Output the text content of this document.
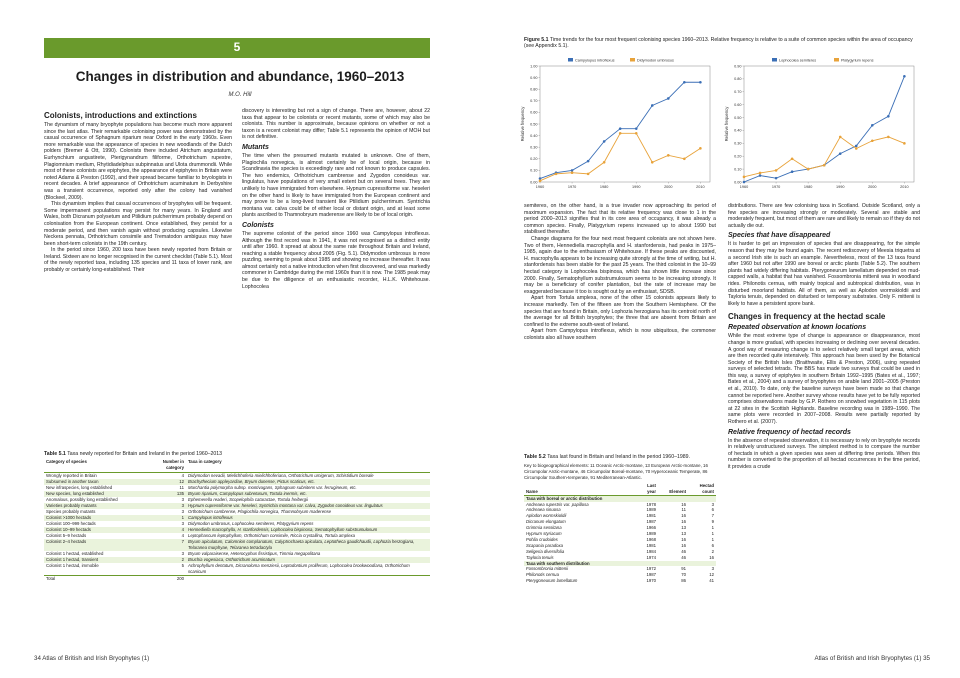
5
Changes in distribution and abundance, 1960–2013
M.O. Hill
Colonists, introductions and extinctions
The dynamism of many bryophyte populations has become much more apparent since the last atlas. Their remarkable colonising power was demonstrated by the casual occurrence of Sphagnum riparium near Oxford in the early 1960s. Even more remarkable was the appearance of species in new woodlands of the Dutch polders (Bremer & Ott, 1990). Colonists there included Atrichum angustatum, Eurhynchium angustirete, Pterigynandrum filiforme, Orthotrichum rupestre, Plagiomnium medium, Rhytidiadelphus subpinnatus and Ulota drummondii. While most of these colonists are epiphytes, the appearance of epiphytes in Britain were noted Adams & Preston (1992), and their spread became familiar to bryologists in recent decades. A brief appearance of Orthotrichum acuminatum in Derbyshire was a transient occurrence, reported only after the colony had vanished (Blockeel, 2009).
This dynamism implies that casual occurrences of bryophytes will be frequent. Some impermanent populations may persist for many years. In England and Wales, both Dicranum polysetum and Ptilidium pulcherrimum probably depend on colonisation from the European continent. Once established, they persist for a moderate period, and then vanish again without producing capsules. Likewise Neckera pennata, Orthotrichum consimile and Trematodon ambiguus may have been short-term colonists in the 19th century.
In the period since 1960, 200 taxa have been newly reported from Britain or Ireland. Sixteen are no longer recognised in the current checklist (Table 5.1). Most of the newly reported taxa, including 135 species and 11 taxa of lower rank, are probably or certainly long-established. Their
discovery is interesting but not a sign of change. There are, however, about 22 taxa that appear to be colonists or recent mutants, some of which may also be colonists. This number is approximate, because opinions on whether or not a taxon is a recent colonist may differ; Table 5.1 represents the opinion of MOH but is not definitive.
Mutants
The time when the presumed mutants mutated is unknown. One of them, Plagiochila norvegica, is almost certainly be of local origin, because in Scandinavia the species is exceedingly rare and not known to produce capsules. The two endemics, Orthotrichum cambrense and Zygodon conoideus var. lingulatus, have populations of very small extent but on several trees. They are unlikely to have immigrated from elsewhere. Hypnum cupressiforme var. heseleri on the other hand is likely to have immigrated from the European continent and may prove to be a long-lived transient like Ptilidium pulcherrimum. Syntrichia montana var. calva could be of either local or distant origin, and at least some plants ascribed to Thamnobryum maderense are likely to be of local origin.
Colonists
The supreme colonist of the period since 1960 was Campylopus introflexus. Although the first record was in 1941, it was not recognised as a distinct entity until after 1960. It spread at about the same rate throughout Britain and Ireland, reaching a stable frequency about 2005 (Fig. 5.1). Didymodon umbrosus is more puzzling, seeming to peak about 1985 and showing no increase thereafter. It was almost certainly not a native introduction when first discovered, and was markedly commoner in Cambridge during the mid 1960s than it is now. The 1985 peak may be due to the diligence of an enthusiastic recorder, H.L.K. Whitehouse. Lophocolea
Table 5.1 Taxa newly reported for Britain and Ireland in the period 1960–2013
Category of species	Number in category	Taxa in category
Wrongly reported in Britain	4	Didymodon nevadii, Mielichhoferia mielichhoferiana, Orthotrichum urnigerum, Schistidium boreale
Subsumed in another taxon	12	Brachythecium appleyardiae, Bryum dunense, Pictus scaticus, etc.
New infraspecies, long established	11	Marchantia polymorpha subsp. montivagans, Sphagnum subnitens var. ferrugineum, etc.
New species, long established	135	Bryum riparium, Campylopus subretusum, Tortula inermis, etc.
Anomalous, possibly long established	3	Ephemerella readeri, Scopelophila cataractae, Tortula freibergii
Varieties probably mutants	3	Hypnum cupressiforme var. heseleri, Syntrichia montana var. calva, Zygodon conoideus var. lingulatus
Species probably mutants	3	Orthotrichum cambrense, Plagiochila norvegica, Thamnobryum maderense
Colonist >1000 hectads	1	Campylopus introflexus
Colonist 100–999 hectads	3	Didymodon umbrosus, Lophocolea semiteres, Platygyrium repens
Colonist 10–99 hectads	4	Hennediella macrophylla, H. stanfordensis, Lophocolea bispinosa, Sematophyllum substrumulosum
Colonist 5–9 hectads	4	Leptophascum leptophyllum, Orthotrichum consimile, Riccia crystallina, Tortula amplexa
Colonist 2–4 hectads	7	Bryum apiculatum, Calomnion complanatum, Calyptrochaeta apiculata, Leptotheca gaudichaudii, Lophozia herzogiana, Telaranea murphyae, Telaranea tetradactyla
Colonist 1 hectad, established	3	Bryum valparaisense, Heterocyphus fissistipus, Timmia megapolitana
Colonist 1 hectad, transient	2	Bruchia vogesiaca, Orthotrichum acuminatum
Colonist 1 hectad, immobile	5	Achrophyllum dentatum, Dicranoloma menziesii, Leptodontium proliferum, Lophocolea brookwoodiana, Orthotrichum scanicum
Total	200	
34 Atlas of British and Irish Bryophytes (1)
Figure 5.1 Time trends for the four most frequent colonising species 1960–2013. Relative frequency is relative to a suite of common species within the area of occupancy (see Appendix 5.1).
0.00
0.10
0.20
0.30
0.40
0.50
0.60
0.70
0.80
0.90
1.00
1960	1970	1980	1990	2000	2010
Relative frequency
Campylopus introflexus	Didymodon umbrosus
0.00
0.10
0.20
0.30
0.40
0.50
0.60
0.70
0.80
0.90
1960	1970	1980	1990	2000	2010
Relative frequency
Lophocolea semiteres	Platygyrium repens
semiteres, on the other hand, is a true invader now approaching its period of maximum expansion. The fact that its relative frequency was close to 1 in the period 2000–2013 signifies that in its core area of occupancy, it was already a common species. Finally, Platygyrium repens increased up to about 1990 but stabilised thereafter.
Change diagrams for the four next most frequent colonists are not shown here. Two of them, Hennediella macrophylla and H. stanfordensis, had peaks in 1975–1985, again due to the enthusiasm of Whitehouse. If these peaks are discounted, H. macrophylla appears to be increasing quite strongly at the time of writing, but H. stanfordensis has been stable for the past 25 years. The third colonist in the 10–99 hectad category is Lophocolea bispinosa, which has shown little increase since 2000. Finally, Sematophyllum substrumulosum seems to be increasing strongly. It may be a beneficiary of conifer plantation, but the rate of increase may be exaggerated because it too is sought out by an enthusiast, SDSB.
Apart from Tortula amplexa, none of the other 15 colonists appears likely to increase markedly. Ten of the fifteen are from the Southern Hemisphere. Of the species that are found in Britain, only Lophozia herzogiana has its centroid north of the average for all British bryophytes; the three that are absent from Britain are confined to the extreme south-west of Ireland.
Apart from Campylopus introflexus, which is now ubiquitous, the commoner colonists also all have southern
Table 5.2 Taxa last found in Britain and Ireland in the period 1960–1989.
Key to biogeographical elements: 11 Oceanic Arctic-montane, 13 European Arctic-montane, 16 Circumpolar Arctic-montane, 46 Circumpolar Boreal-montane, 70 Hyperoceanic Temperate, 86 Circumpolar Southern-temperate, 91 Mediterranean-Atlantic.
Name	Last year	Element	Hectad count
Taxa with boreal or arctic distribution			
Andreaea rupestris var. papillosa	1978	16	3
Andreaea sinuosa	1989	11	6
Aplodon wormskioldii	1981	16	7
Dicranum elongatum	1987	16	9
Grimmia sessitana	1966	13	1
Hypnum styriacum	1989	13	1
Pohlia crudoides	1968	16	1
Scapania paradoxa	1981	16	6
Seligeria diversifolia	1984	46	2
Tayloria tenuis	1974	46	16
Taxa with southern distribution			
Fossombronia mittenii	1972	91	3
Philonotis cernua	1987	70	12
Pterygoneurum lamellatum	1970	86	41
distributions. There are few colonising taxa in Scotland. Outside Scotland, only a few species are increasing strongly or moderately. Several are stable and moderately frequent, but most of them are rare and likely to remain so if they do not actually die out.
Species that have disappeared
It is harder to get an impression of species that are disappearing, for the simple reason that they may be found again. The recent rediscovery of Meesia triquetra at a second Irish site is such an example. Nevertheless, most of the 13 taxa found after 1960 but not after 1990 are boreal or arctic plants (Table 5.2). The southern plants had widely differing habitats. Pterygoneurum lamellatum depended on mud-capped walls, a habitat that has vanished. Fossombronia mittenii was in woodland rides. Philonotis cernua, with mainly tropical and subtropical distribution, was in disturbed moorland habitats. All of them, as well as Aplodon wormskioldii and Tayloria tenuis, depended on disturbed or temporary substrates. Only F. mittenii is likely to have a persistent spore bank.
Changes in frequency at the hectad scale
Repeated observation at known locations
While the most extreme type of change is appearance or disappearance, most change is more gradual, with species increasing or declining over several decades. A good way of measuring change is to select relatively small target areas, which are then recorded quite intensively. This approach has been used by the Botanical Society of the British Isles (Braithwaite, Ellis & Preston, 2006), using repeated surveys of selected tetrads. The BBS has made two surveys that could be used in this way, a survey of epiphytes in southern Britain 1992–1995 (Bates et al., 1997; Bates et al., 2004) and a survey of bryophytes on arable land 2001–2005 (Preston et al., 2010). To date, only the baseline surveys have been made so that change cannot be reported here. Another survey whose results have yet to be fully reported comprises observations made by G.P. Rothero on snowbed vegetation in 115 plots at 22 sites in the Scottish Highlands. Baseline recording was in 1989–1990. The same plots were recorded in 2007–2008. Results were partially reported by Rothero et al. (2007).
Relative frequency of hectad records
In the absence of repeated observation, it is necessary to rely on bryophyte records in relatively unstructured surveys. The simplest method is to compare the number of hectads in which a given species was seen at differing time periods. When this number is converted to the proportion of all hectad occurrences in the time period, it provides a crude
Atlas of British and Irish Bryophytes (1) 35
